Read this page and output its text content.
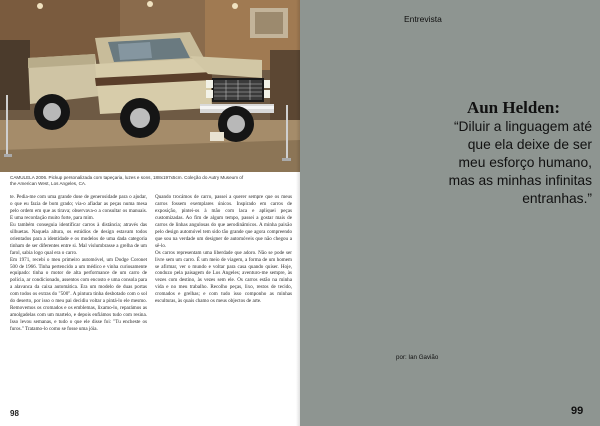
CAMULELA 2006. Pickup personalizada com tapeçaria, luzes e sons, 188x197x5cm. Coleção do Autry Museum of the American West, Los Angeles, CA.

te. Pedia-me com uma grande dose de generosidade para o ajudar, o que eu fazia de bom grado; via-o afiadar as peças numa mesa pelo ordem em que as tirava; observava-o a consultar os manuais. E uma recordação muito forte, para mim.

Eu também conseguia identificar carros à distância; através das silhuetas. Naquela altura, os estúdios de design estavam todos orientados para a identidade e os modelos de uma dada categoria tinham de ser diferentes entre si. Mal vislumbrasse a grelha de um farol, sabia logo qual era o carro.

Em 1971, recebi o meu primeiro automóvel, um Dodge Coronet 500 de 1966. Tinha pertencido a um médico e vinha curiosamente equipado: tinha o motor de alta performance de um carro de polícia, ar condicionado, assentos com encosto e uma consola para a alavanca da caixa automática. Era um modelo de duas portas com todos os extras do "500". A pintura tinha desbotado com o sol do deserto, por isso o meu pai decidiu voltar a pintá-lo ele mesmo. Removemos os cromados e os emblemas, lixamo-lo, reparámos as amolgadelas com um martelo, e depois enfiámos tudo com resina. Isso levou semanas, e tudo o que ele disse foi: "Tu encheste os furos." Tratamo-lo como se fosse uma jóia.

Quando trocámos de carro, passei a querer sempre que os meus carros fossem exemplares únicos. Inspirado em carros de exposição, pintei-os à mão com laca e apliquei peças customizadas. Ao fim de algum tempo, passei a gostar mais de carros de linhas angulosas do que aerodinâmicos. A minha paixão pelo design automóvel tem sido tão grande que agora compreendo que sou na verdade um designer de automóveis que não chegou a sê-lo.

Os carros representam uma liberdade que adoro. Não se pode ser livre sem um carro. É um meio de viagem, a forma de um homem se afirmar, ver o mundo e voltar para casa quando quiser. Hoje, conduzo pela paisagem de Los Angeles; aventuro-me sempre, às vezes com destino, às vezes sem ele. Os carros estão na minha vida e no meu trabalho. Recolho peças, lixo, restos de tecido, cromados e grelhas; e com tudo isso componho as minhas esculturas, às quais chamo os meus objectos de arte.

98
Entrevista
Aun Helden:
“Diluir a linguagem até
que ela deixe de ser
meu esforço humano,
mas as minhas infinitas
entranhas.”
por: Ian Gavião
99
